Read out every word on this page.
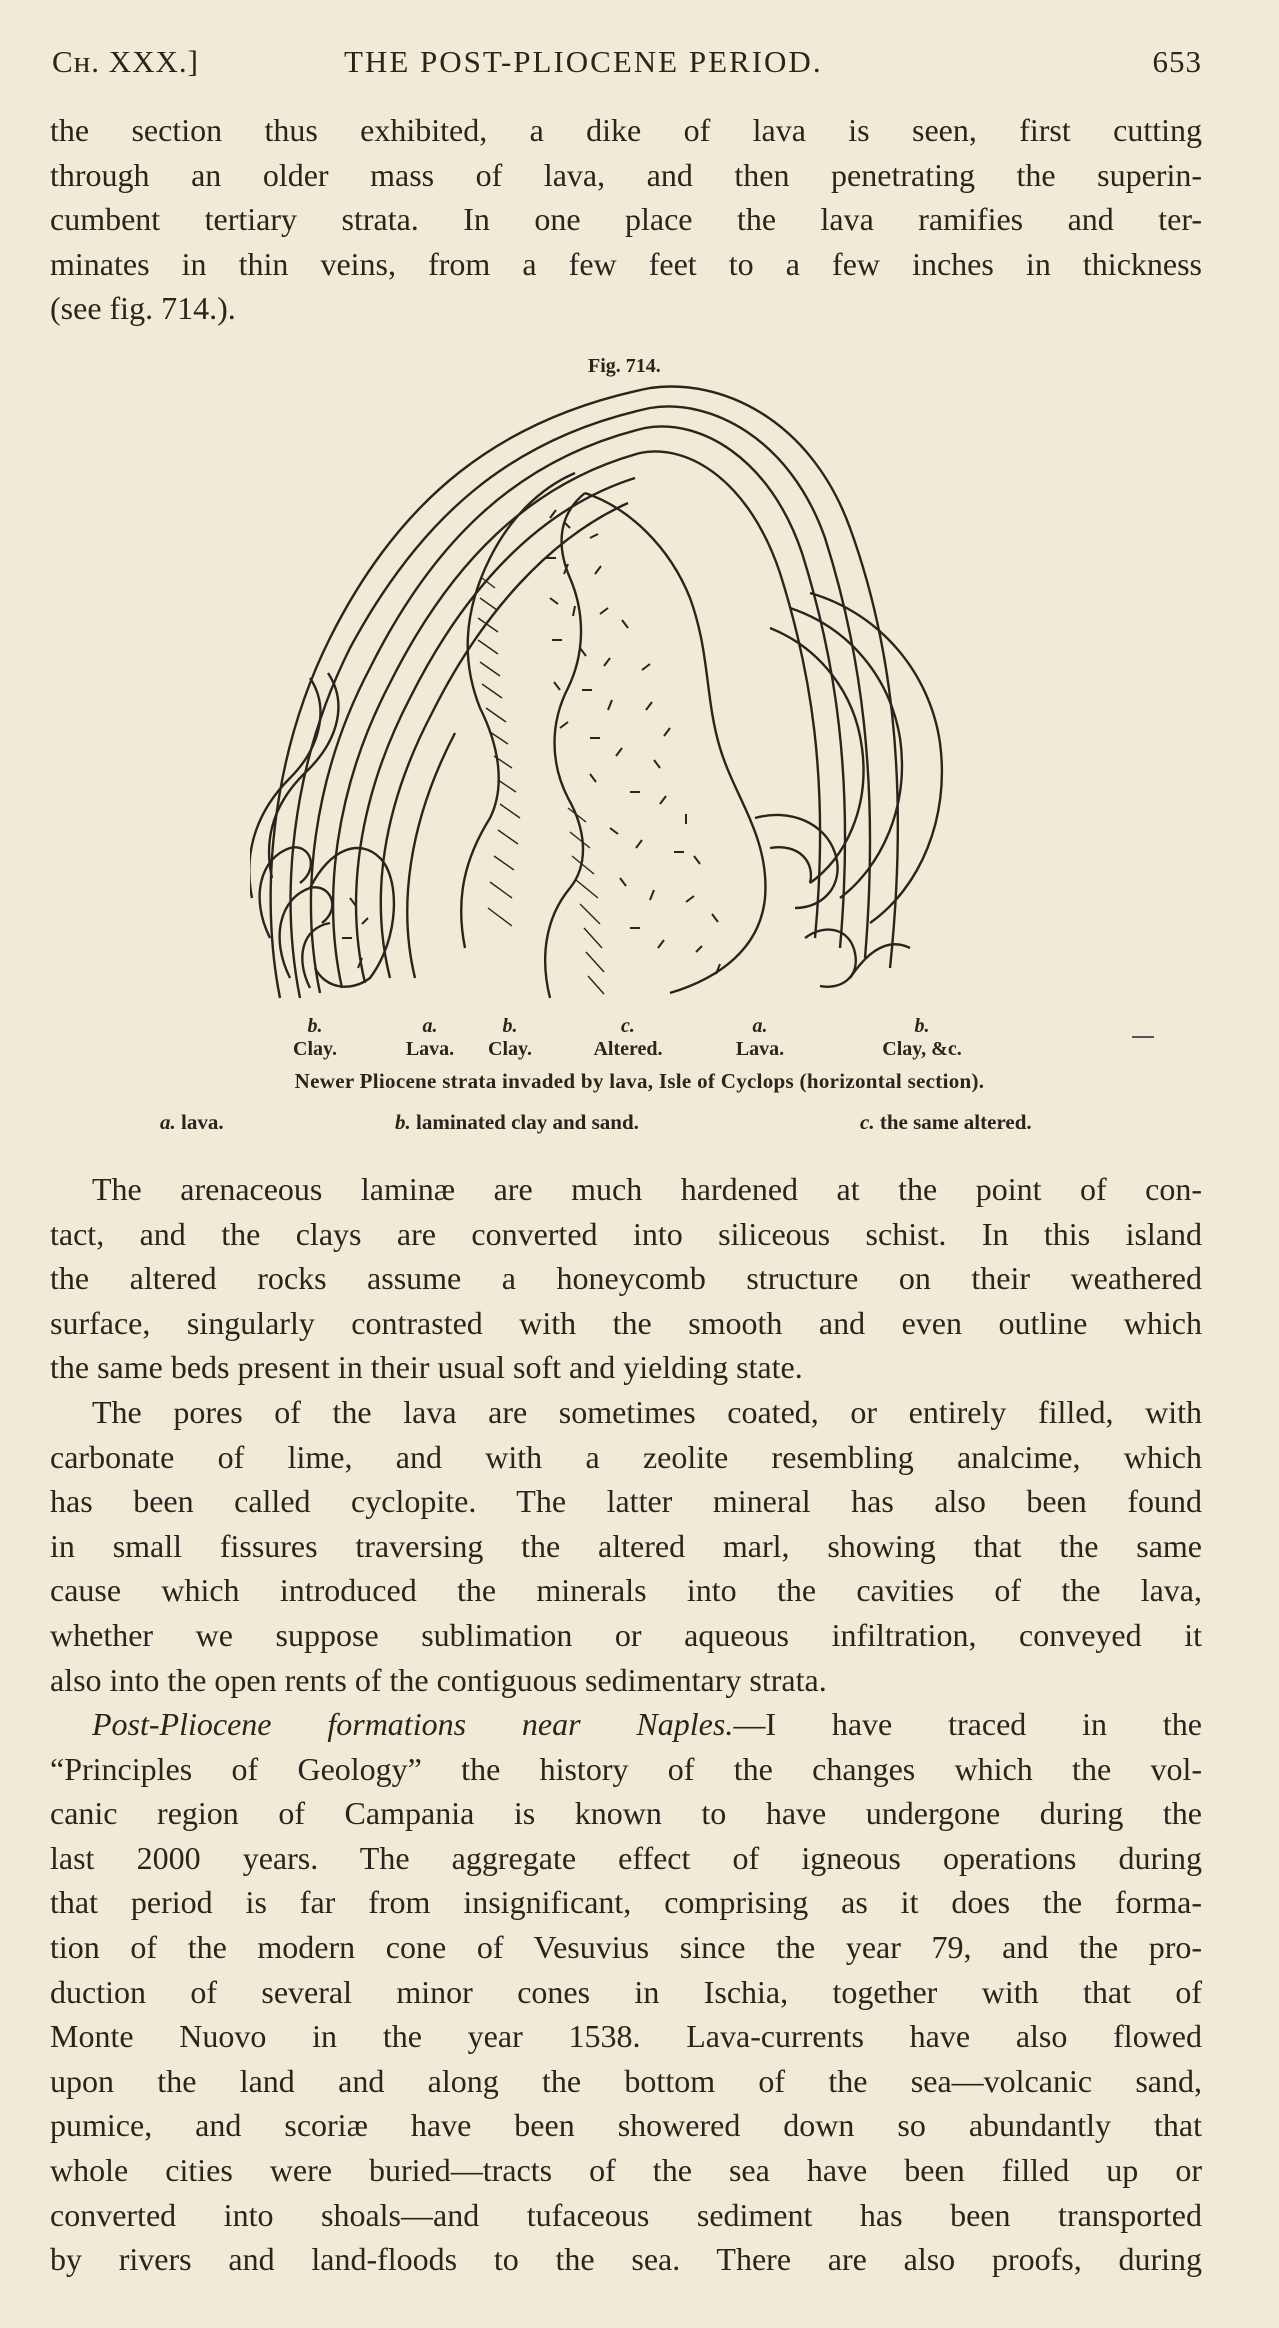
Cʜ. XXX.]	THE POST-PLIOCENE PERIOD.	653
the section thus exhibited, a dike of lava is seen, first cutting
through an older mass of lava, and then penetrating the superin-
cumbent tertiary strata. In one place the lava ramifies and ter-
minates in thin veins, from a few feet to a few inches in thickness
(see fig. 714.).
Fig. 714.
b.
Clay.
a.
Lava.
b.
Clay.
c.
Altered.
a.
Lava.
b.
Clay, &c.
Newer Pliocene strata invaded by lava, Isle of Cyclops (horizontal section).
a. lava.	b. laminated clay and sand.	c. the same altered.
The arenaceous laminæ are much hardened at the point of con-
tact, and the clays are converted into siliceous schist. In this island
the altered rocks assume a honeycomb structure on their weathered
surface, singularly contrasted with the smooth and even outline which
the same beds present in their usual soft and yielding state.
The pores of the lava are sometimes coated, or entirely filled, with
carbonate of lime, and with a zeolite resembling analcime, which
has been called cyclopite. The latter mineral has also been found
in small fissures traversing the altered marl, showing that the same
cause which introduced the minerals into the cavities of the lava,
whether we suppose sublimation or aqueous infiltration, conveyed it
also into the open rents of the contiguous sedimentary strata.
Post-Pliocene formations near Naples.—I have traced in the
“Principles of Geology” the history of the changes which the vol-
canic region of Campania is known to have undergone during the
last 2000 years. The aggregate effect of igneous operations during
that period is far from insignificant, comprising as it does the forma-
tion of the modern cone of Vesuvius since the year 79, and the pro-
duction of several minor cones in Ischia, together with that of
Monte Nuovo in the year 1538. Lava-currents have also flowed
upon the land and along the bottom of the sea—volcanic sand,
pumice, and scoriæ have been showered down so abundantly that
whole cities were buried—tracts of the sea have been filled up or
converted into shoals—and tufaceous sediment has been transported
by rivers and land-floods to the sea. There are also proofs, during
